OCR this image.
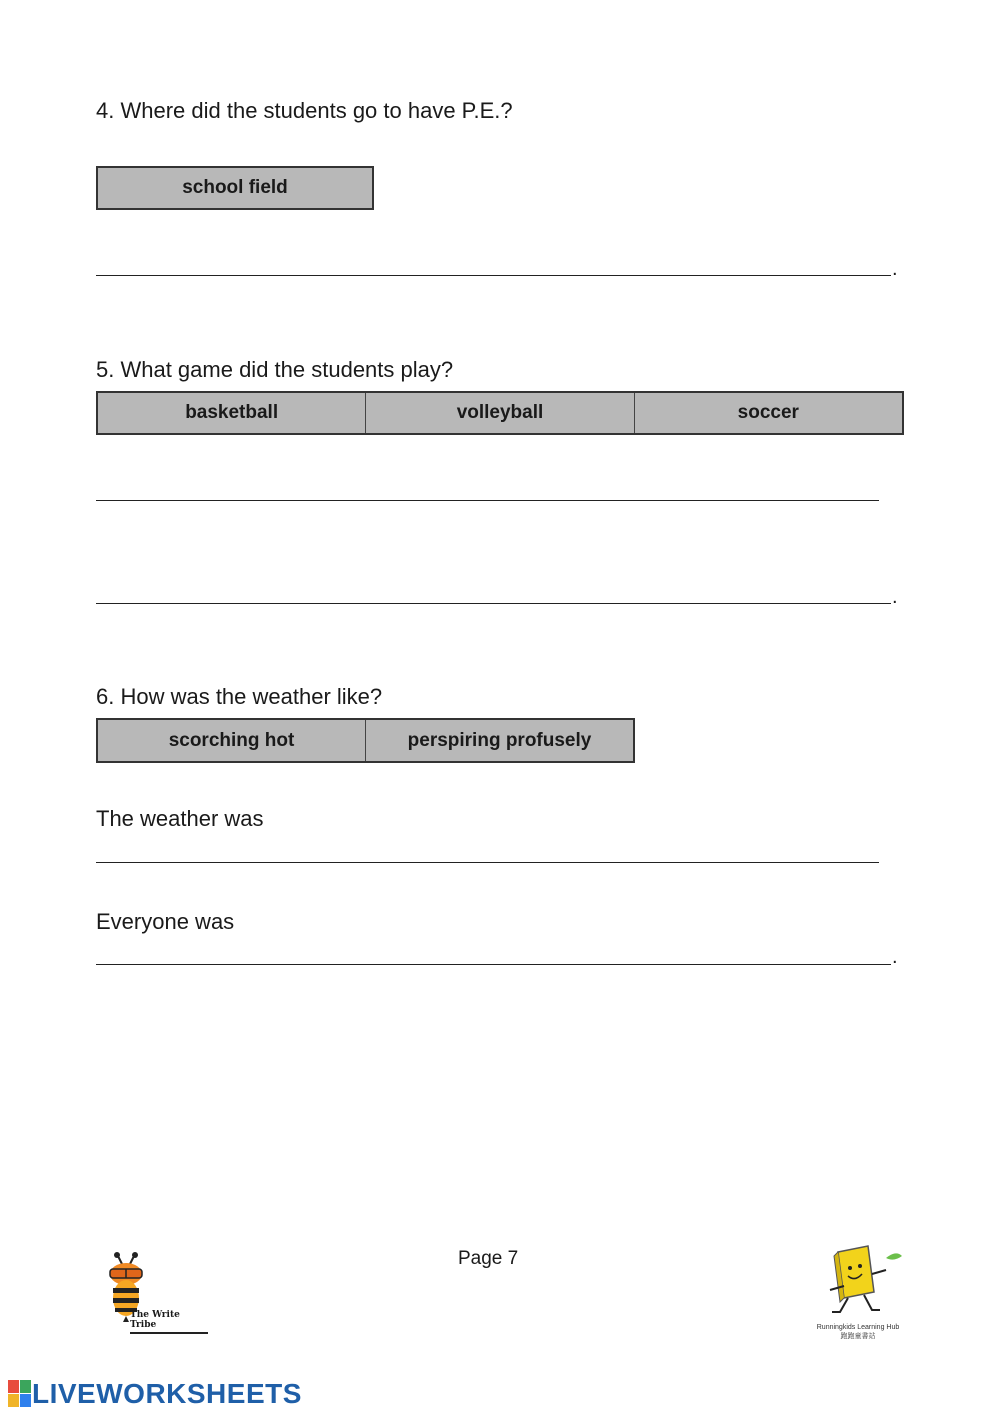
4. Where did the students go to have P.E.?
school field
.
5. What game did the students play?
basketball	volleyball	soccer
.
6. How was the weather like?
scorching hot	perspiring profusely
The weather was
Everyone was
.
Page 7
The Write Tribe	Runningkids Learning Hub
跑跑童書站
LIVEWORKSHEETS
